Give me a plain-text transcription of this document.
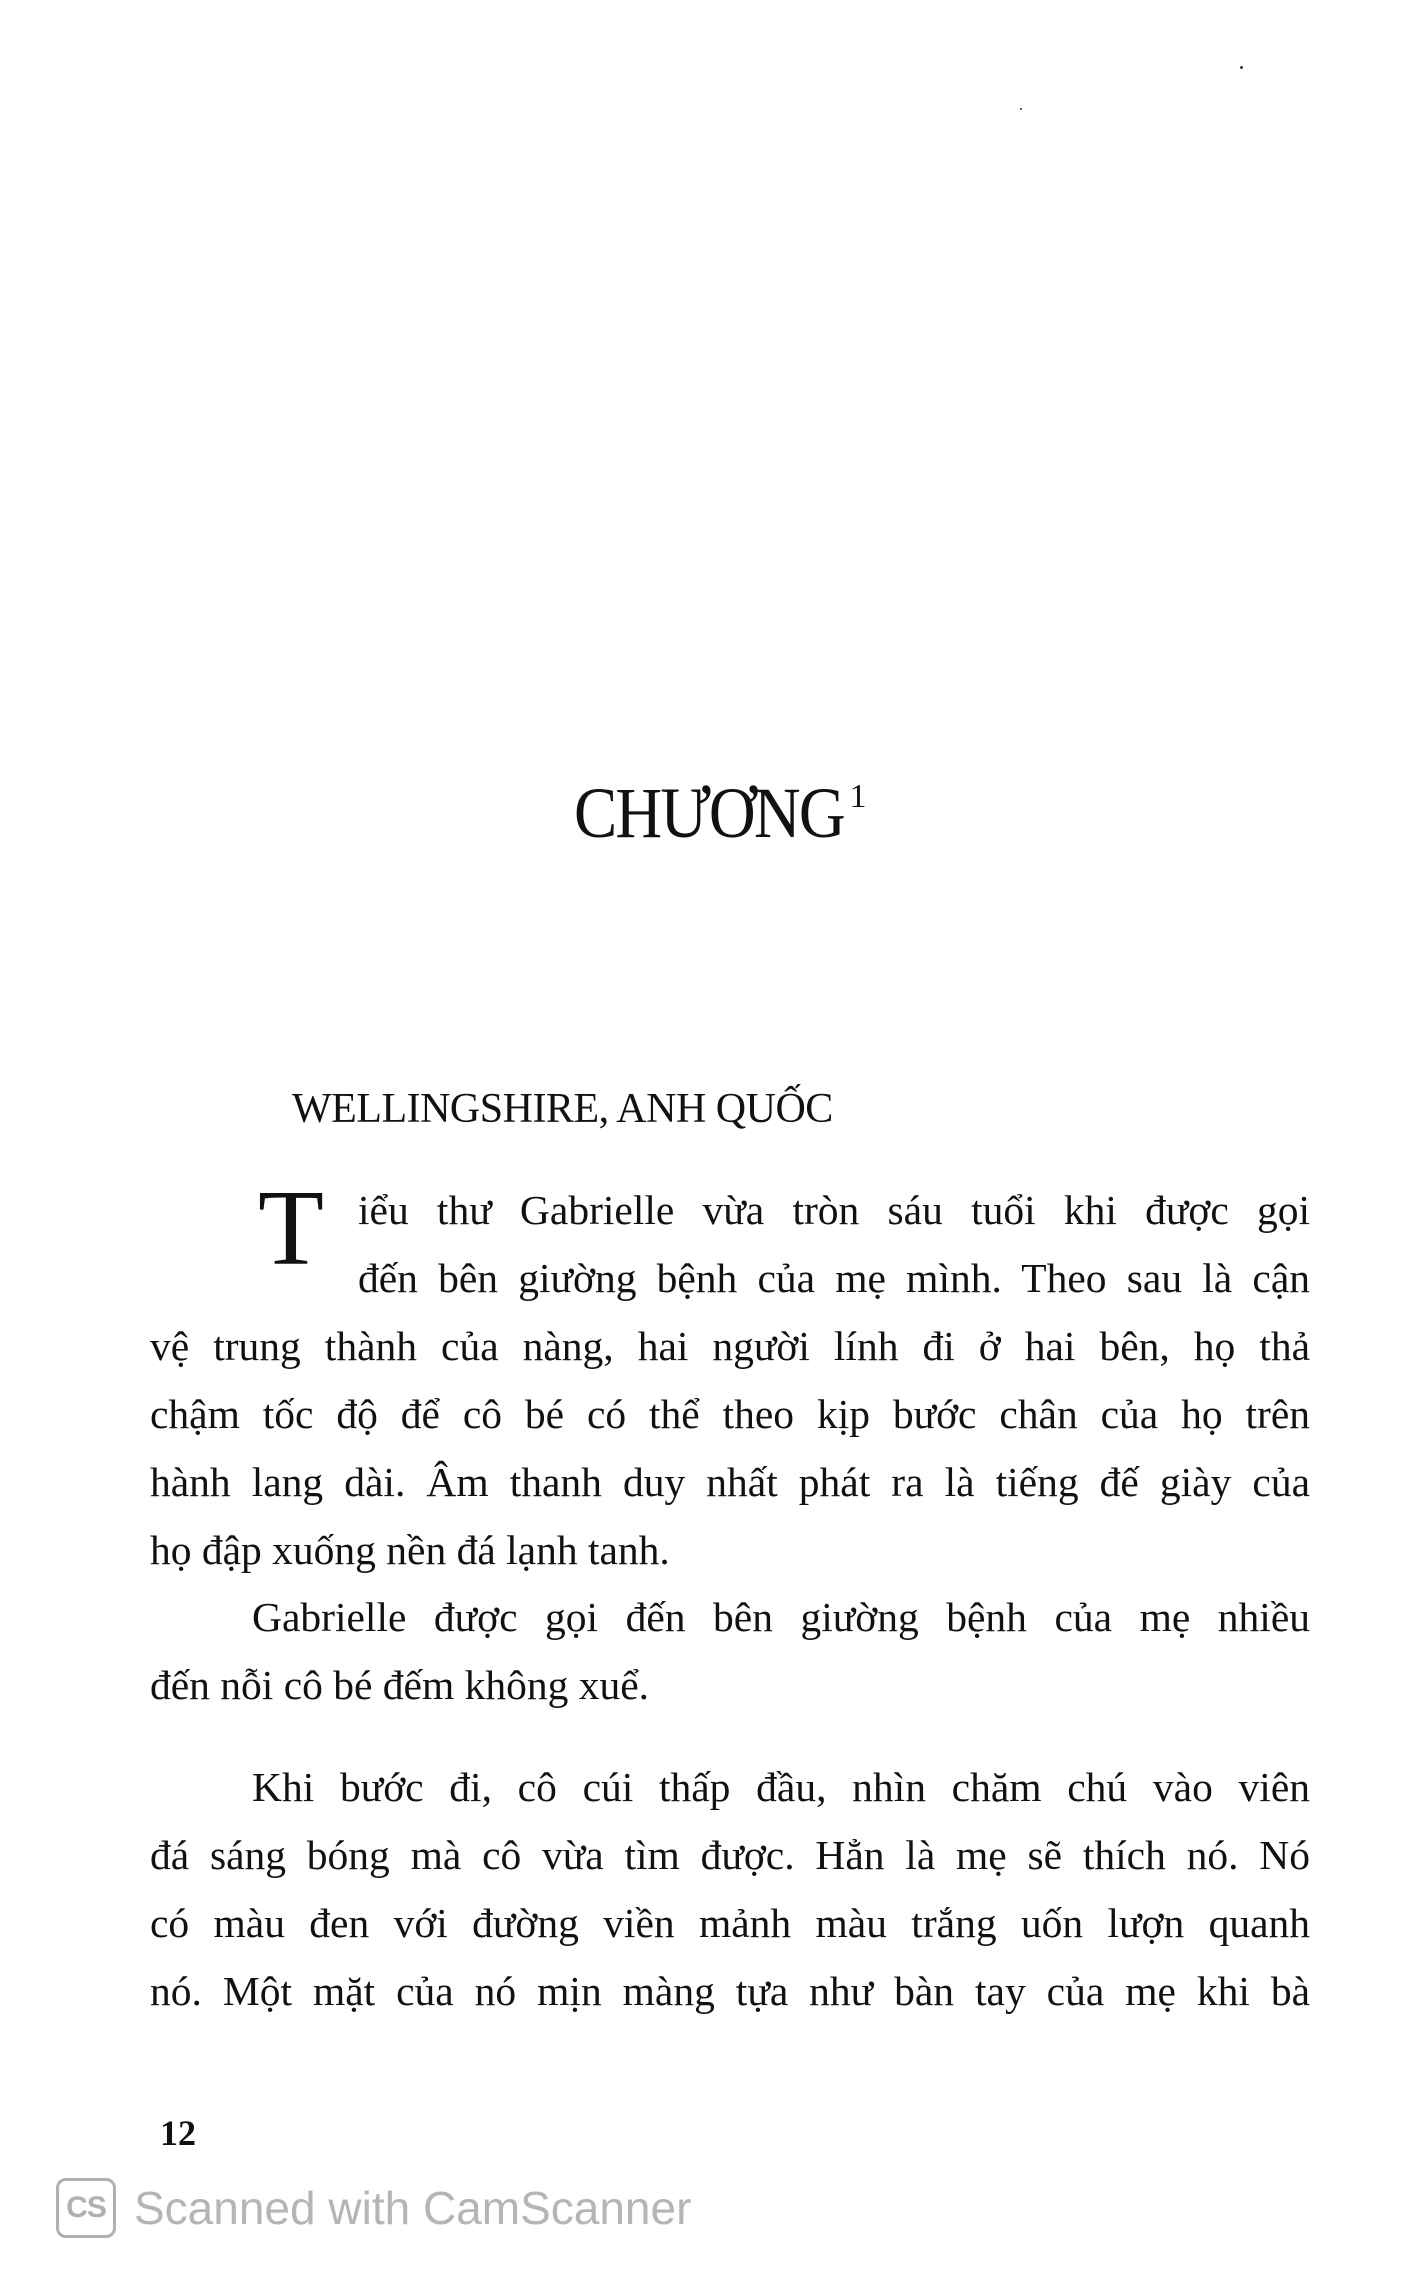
CHƯƠNG $^1$
WELLINGSHIRE, ANH QUỐC
T iểu thư Gabrielle vừa tròn sáu tuổi khi được gọi
đến bên giường bệnh của mẹ mình. Theo sau là cận
vệ trung thành của nàng, hai người lính đi ở hai bên, họ thả
chậm tốc độ để cô bé có thể theo kịp bước chân của họ trên
hành lang dài. Âm thanh duy nhất phát ra là tiếng đế giày của
họ đập xuống nền đá lạnh tanh.
Gabrielle được gọi đến bên giường bệnh của mẹ nhiều
đến nỗi cô bé đếm không xuể.
Khi bước đi, cô cúi thấp đầu, nhìn chăm chú vào viên
đá sáng bóng mà cô vừa tìm được. Hẳn là mẹ sẽ thích nó. Nó
có màu đen với đường viền mảnh màu trắng uốn lượn quanh
nó. Một mặt của nó mịn màng tựa như bàn tay của mẹ khi bà
12
CS Scanned with CamScanner
